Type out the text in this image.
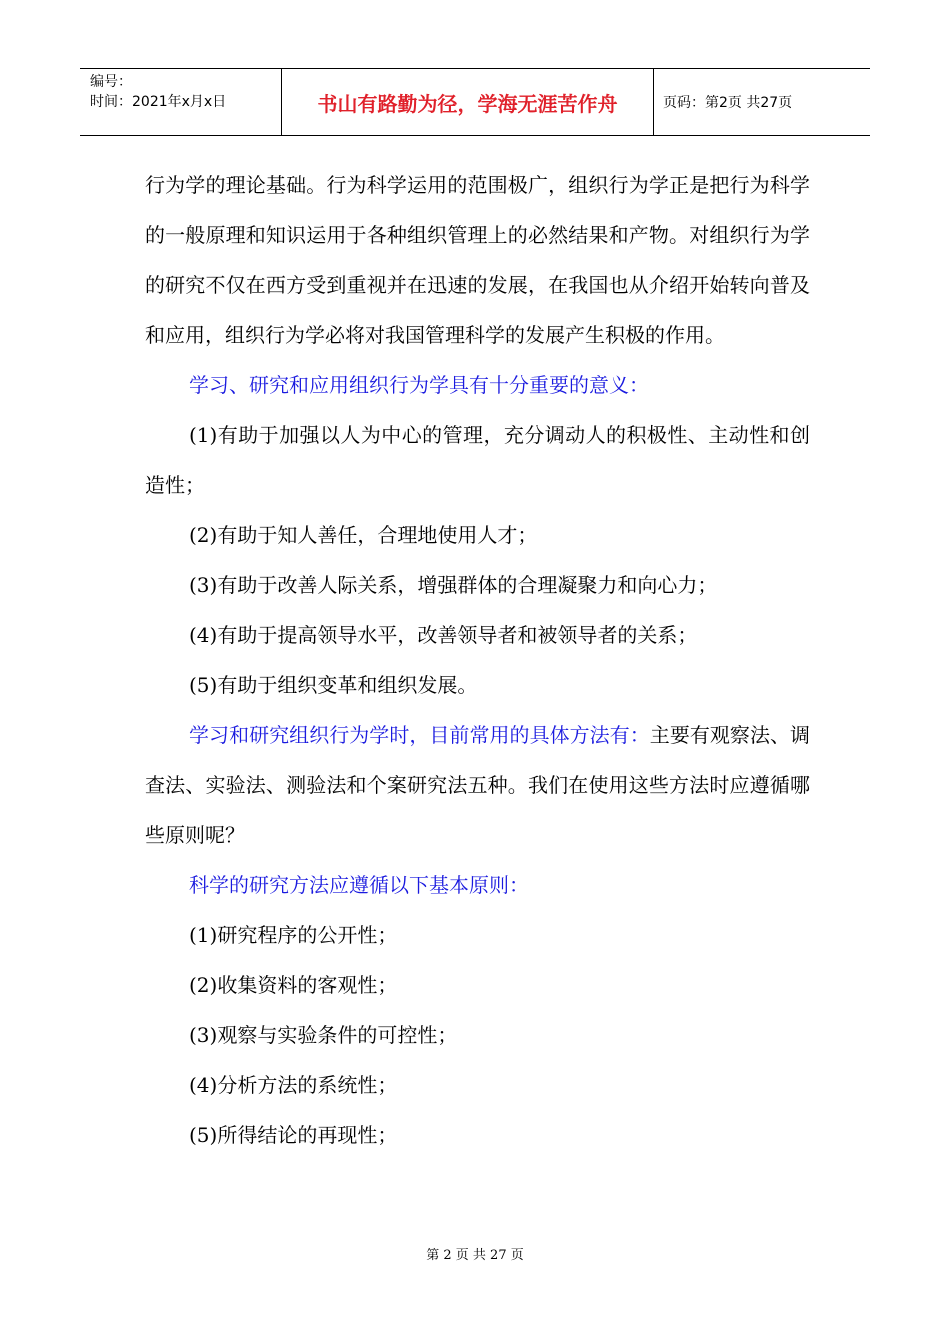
编号：
时间：2021年x月x日	书山有路勤为径，学海无涯苦作舟	页码：第2页 共27页

行为学的理论基础。行为科学运用的范围极广，组织行为学正是把行为科学的一般原理和知识运用于各种组织管理上的必然结果和产物。对组织行为学的研究不仅在西方受到重视并在迅速的发展，在我国也从介绍开始转向普及和应用，组织行为学必将对我国管理科学的发展产生积极的作用。

学习、研究和应用组织行为学具有十分重要的意义：

(1)有助于加强以人为中心的管理，充分调动人的积极性、主动性和创造性；

(2)有助于知人善任，合理地使用人才；

(3)有助于改善人际关系，增强群体的合理凝聚力和向心力；

(4)有助于提高领导水平，改善领导者和被领导者的关系；

(5)有助于组织变革和组织发展。

学习和研究组织行为学时，目前常用的具体方法有：主要有观察法、调查法、实验法、测验法和个案研究法五种。我们在使用这些方法时应遵循哪些原则呢？

科学的研究方法应遵循以下基本原则：

(1)研究程序的公开性；

(2)收集资料的客观性；

(3)观察与实验条件的可控性；

(4)分析方法的系统性；

(5)所得结论的再现性；

第 2 页 共 27 页
